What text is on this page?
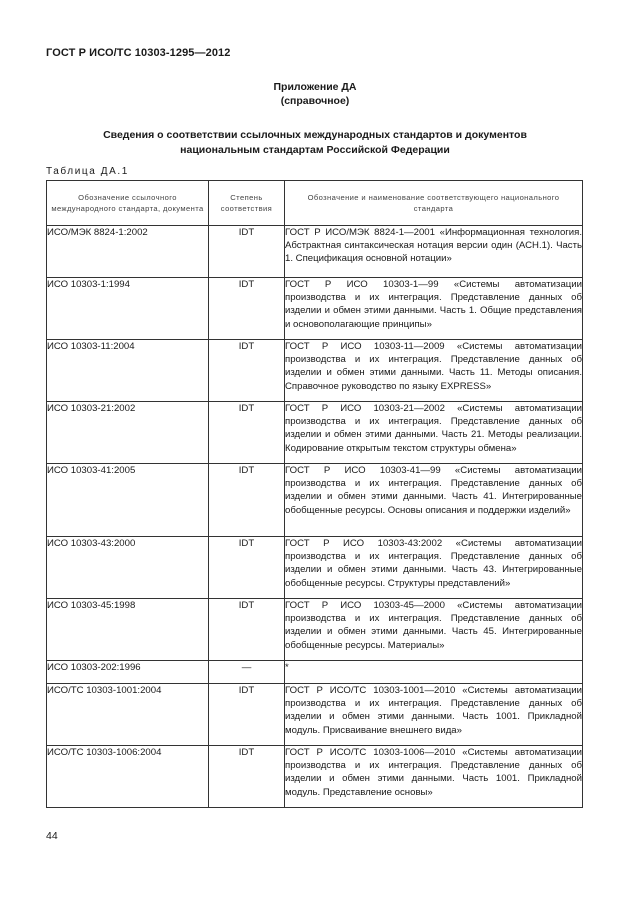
ГОСТ Р ИСО/ТС 10303-1295—2012
Приложение ДА
(справочное)
Сведения о соответствии ссылочных международных стандартов и документов
национальным стандартам Российской Федерации
Таблица ДА.1
Обозначение ссылочного международного стандарта, документа	Степень соответствия	Обозначение и наименование соответствующего национального стандарта
ИСО/МЭК 8824-1:2002	IDT	ГОСТ Р ИСО/МЭК 8824-1—2001 «Информационная технология. Абстрактная синтаксическая нотация версии один (АСН.1). Часть 1. Спецификация основной нотации»
ИСО 10303-1:1994	IDT	ГОСТ Р ИСО 10303-1—99 «Системы автоматизации производства и их интеграция. Представление данных об изделии и обмен этими данными. Часть 1. Общие представления и основополагающие принципы»
ИСО 10303-11:2004	IDT	ГОСТ Р ИСО 10303-11—2009 «Системы автоматизации производства и их интеграция. Представление данных об изделии и обмен этими данными. Часть 11. Методы описания. Справочное руководство по языку EXPRESS»
ИСО 10303-21:2002	IDT	ГОСТ Р ИСО 10303-21—2002 «Системы автоматизации производства и их интеграция. Представление данных об изделии и обмен этими данными. Часть 21. Методы реализации. Кодирование открытым текстом структуры обмена»
ИСО 10303-41:2005	IDT	ГОСТ Р ИСО 10303-41—99 «Системы автоматизации производства и их интеграция. Представление данных об изделии и обмен этими данными. Часть 41. Интегрированные обобщенные ресурсы. Основы описания и поддержки изделий»
ИСО 10303-43:2000	IDT	ГОСТ Р ИСО 10303-43:2002 «Системы автоматизации производства и их интеграция. Представление данных об изделии и обмен этими данными. Часть 43. Интегрированные обобщенные ресурсы. Структуры представлений»
ИСО 10303-45:1998	IDT	ГОСТ Р ИСО 10303-45—2000 «Системы автоматизации производства и их интеграция. Представление данных об изделии и обмен этими данными. Часть 45. Интегрированные обобщенные ресурсы. Материалы»
ИСО 10303-202:1996	—	*
ИСО/ТС 10303-1001:2004	IDT	ГОСТ Р ИСО/ТС 10303-1001—2010 «Системы автоматизации производства и их интеграция. Представление данных об изделии и обмен этими данными. Часть 1001. Прикладной модуль. Присваивание внешнего вида»
ИСО/ТС 10303-1006:2004	IDT	ГОСТ Р ИСО/ТС 10303-1006—2010 «Системы автоматизации производства и их интеграция. Представление данных об изделии и обмен этими данными. Часть 1001. Прикладной модуль. Представление основы»
44
